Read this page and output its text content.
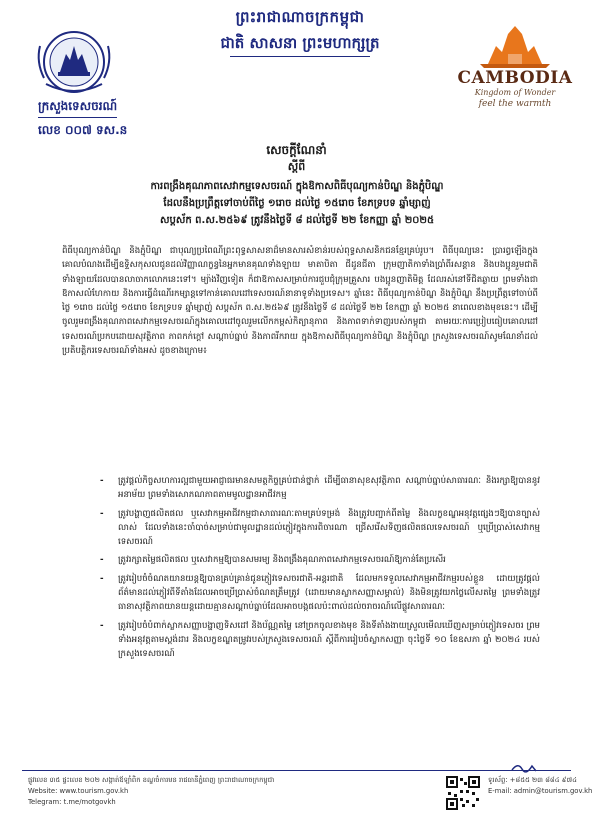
ព្រះរាជាណាចក្រកម្ពុជា
ជាតិ សាសនា ព្រះមហាក្សត្រ
CAMBODIA
Kingdom of Wonder
feel the warmth
ក្រសួងទេសចរណ៍
លេខ ០០៧ ទស.ន
សេចក្តីណែនាំ
ស្តីពី
ការពង្រឹងគុណភាពសេវាកម្មទេសចរណ៍ ក្នុងឱកាសពិធីបុណ្យកាន់បិណ្ឌ និងភ្ជុំបិណ្ឌ
ដែលនឹងប្រព្រឹត្តទៅចាប់ពីថ្ងៃ ១រោច ដល់ថ្ងៃ ១៥រោច ខែភទ្របទ ឆ្នាំម្សាញ់
សប្តស័ក ព.ស.២៥៦៩ ត្រូវនឹងថ្ងៃទី ៨ ដល់ថ្ងៃទី ២២ ខែកញ្ញា ឆ្នាំ ២០២៥
ពិធីបុណ្យកាន់បិណ្ឌ និងភ្ជុំបិណ្ឌ ជាបុណ្យប្រពៃណីព្រះពុទ្ធសាសនាដ៏មានសារសំខាន់របស់ពុទ្ធសាសនិកជនខ្មែរគ្រប់រូប។ ពិធីបុណ្យនេះ ប្រារព្ធឡើងក្នុងគោលបំណងដើម្បីឧទ្ទិសកុសលជូនដល់វិញ្ញាណក្ខន្ធនៃអ្នកមានគុណទាំងឡាយ មាតាបិតា ជីដូនជីតា ក្រុមញាតិកាទាំងប្រាំពីរសន្តាន និងបងប្អូនរួមជាតិទាំងឡាយដែលបានលាចាកលោកនេះទៅ។ ម្យ៉ាងវិញទៀត ក៏ជាឱកាសសម្រាប់ការជួបជុំក្រុមគ្រួសារ បងប្អូនញាតិមិត្ត ដែលរស់នៅទីជិតឆ្ងាយ ព្រមទាំងជាឱកាសលំហែកាយ និងការធ្វើដំណើរកម្សាន្តទៅកាន់គោលដៅទេសចរណ៍នានាទូទាំងប្រទេស។ ឆ្នាំនេះ ពិធីបុណ្យកាន់បិណ្ឌ និងភ្ជុំបិណ្ឌ នឹងប្រព្រឹត្តទៅចាប់ពីថ្ងៃ ១រោច ដល់ថ្ងៃ ១៥រោច ខែភទ្របទ ឆ្នាំម្សាញ់ សប្តស័ក ព.ស.២៥៦៩ ត្រូវនឹងថ្ងៃទី ៨ ដល់ថ្ងៃទី ២២ ខែកញ្ញា ឆ្នាំ ២០២៥ នាពេលខាងមុខនេះ។ ដើម្បីចូលរួមពង្រឹងគុណភាពសេវាកម្មទេសចរណ៍ក្នុងគោលដៅចូលរួមលើកកម្ពស់កិត្យានុភាព និងភាពទាក់ទាញរបស់កម្ពុជា តាមរយៈការប្រៀបធៀបគោលដៅទេសចរណ៍ប្រកបដោយសុវត្ថិភាព ភាពកក់ក្តៅ សណ្តាប់ធ្នាប់ និងភាពរីករាយ ក្នុងឱកាសពិធីបុណ្យកាន់បិណ្ឌ និងភ្ជុំបិណ្ឌ ក្រសួងទេសចរណ៍សូមណែនាំដល់ប្រតិបត្តិករទេសចរណ៍ទាំងអស់ ដូចខាងក្រោម៖
- ត្រូវផ្តល់កិច្ចសហការល្អជាមួយអាជ្ញាធរមានសមត្ថកិច្ចគ្រប់ជាន់ថ្នាក់ ដើម្បីធានាសុខសុវត្ថិភាព សណ្តាប់ធ្នាប់សាធារណៈ និងរក្សាឱ្យបាននូវអនាម័យ ព្រមទាំងសោភណភាពតាមមូលដ្ឋានអាជីវកម្ម
- ត្រូវបង្ហាញផលិតផល ឬសេវាកម្មអាជីវកម្មជាសាធារណៈតាមគ្រប់ទម្រង់ និងត្រូវបញ្ជាក់ពីតម្លៃ និងលក្ខខណ្ឌអនុវត្តផ្សេងៗឱ្យបានច្បាស់លាស់ ដែលទាំងនេះចាំបាច់សម្រាប់ជាមូលដ្ឋានដល់ភ្ញៀវក្នុងការពិចារណា ជ្រើសរើសទិញផលិតផលទេសចរណ៍ ឬប្រើប្រាស់សេវាកម្មទេសចរណ៍
- ត្រូវរក្សាតម្លៃផលិតផល ឬសេវាកម្មឱ្យបានសមរម្យ និងពង្រឹងគុណភាពសេវាកម្មទេសចរណ៍ឱ្យកាន់តែប្រសើរ
- ត្រូវរៀបចំចំណតយានយន្តឱ្យបានគ្រប់គ្រាន់ជូនភ្ញៀវទេសចរជាតិ-អន្តរជាតិ ដែលមកទទួលសេវាកម្មអាជីវកម្មរបស់ខ្លួន ដោយត្រូវផ្តល់ព័ត៌មានដល់ភ្ញៀវពីទីតាំងដែលអាចប្រើប្រាស់ចំណតត្រឹមត្រូវ (ដោយមានស្លាកសញ្ញាសម្គាល់) និងមិនត្រូវយកថ្លៃលើសតម្លៃ ព្រមទាំងត្រូវធានាសុវត្ថិភាពយានយន្តដោយគ្មានសណ្តាប់ធ្នាប់ដែលអាចបង្កផលប៉ះពាល់ដល់ចរាចរណ៍លើផ្លូវសាធារណៈ
- ត្រូវរៀបចំបំពាក់ស្លាកសញ្ញាបង្ហាញទិសដៅ និងប័ណ្ណតម្លៃ នៅច្រកចូលខាងមុខ និងទីតាំងងាយស្រួលមើលឃើញសម្រាប់ភ្ញៀវទេសចរ ព្រមទាំងអនុវត្តតាមស្តង់ដារ និងលក្ខខណ្ឌតម្រូវរបស់ក្រសួងទេសចរណ៍ ស្តីពីការរៀបចំស្លាកសញ្ញា ចុះថ្ងៃទី ១០ ខែឧសភា ឆ្នាំ ២០២៤ របស់ក្រសួងទេសចរណ៍
ផ្លូវលេខ ៣៥ ផ្ទះលេខ ២០២ សង្កាត់ឪឡាំពិក ខណ្ឌចំការមន រាជធានីភ្នំពេញ ព្រះរាជាណាចក្រកម្ពុជា
Website: www.tourism.gov.kh
Telegram: t.me/motgovkh
ទូរស័ព្ទ: +៨៥៥ ២៣ ៨៨៤ ៩៧៤
E-mail: admin@tourism.gov.kh
